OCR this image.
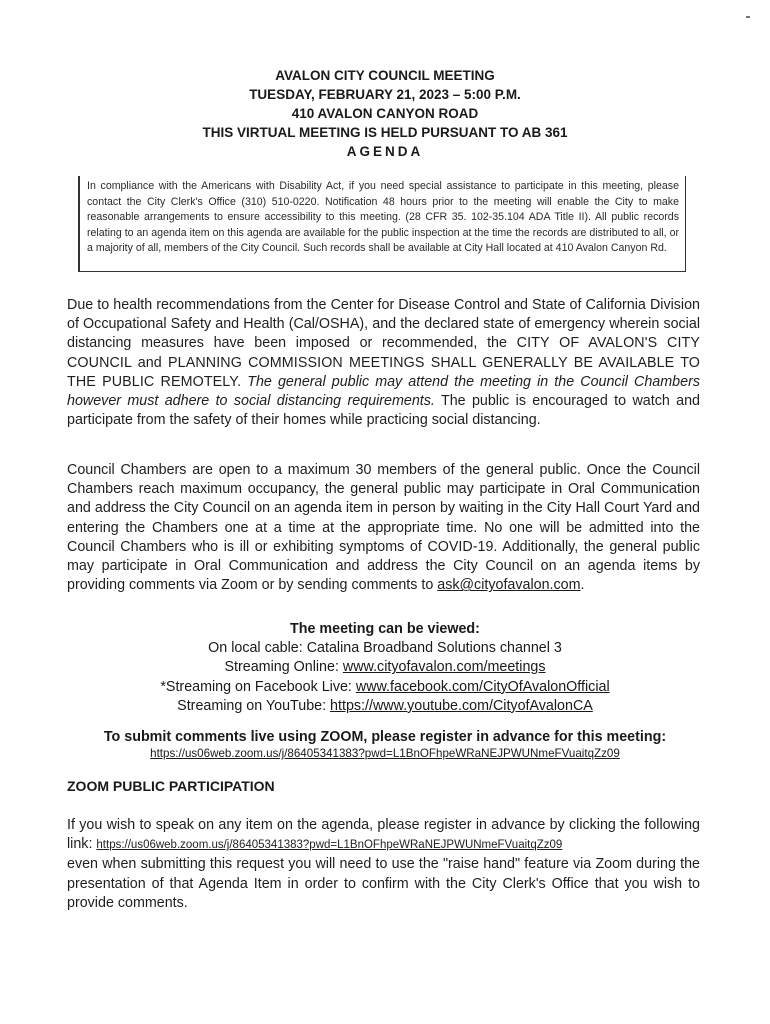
AVALON CITY COUNCIL MEETING
TUESDAY, FEBRUARY 21, 2023 – 5:00 P.M.
410 AVALON CANYON ROAD
THIS VIRTUAL MEETING IS HELD PURSUANT TO AB 361
AGENDA
In compliance with the Americans with Disability Act, if you need special assistance to participate in this meeting, please contact the City Clerk's Office (310) 510-0220. Notification 48 hours prior to the meeting will enable the City to make reasonable arrangements to ensure accessibility to this meeting. (28 CFR 35. 102-35.104 ADA Title II). All public records relating to an agenda item on this agenda are available for the public inspection at the time the records are distributed to all, or a majority of all, members of the City Council. Such records shall be available at City Hall located at 410 Avalon Canyon Rd.
Due to health recommendations from the Center for Disease Control and State of California Division of Occupational Safety and Health (Cal/OSHA), and the declared state of emergency wherein social distancing measures have been imposed or recommended, the CITY OF AVALON'S CITY COUNCIL and PLANNING COMMISSION MEETINGS SHALL GENERALLY BE AVAILABLE TO THE PUBLIC REMOTELY. The general public may attend the meeting in the Council Chambers however must adhere to social distancing requirements. The public is encouraged to watch and participate from the safety of their homes while practicing social distancing.
Council Chambers are open to a maximum 30 members of the general public. Once the Council Chambers reach maximum occupancy, the general public may participate in Oral Communication and address the City Council on an agenda item in person by waiting in the City Hall Court Yard and entering the Chambers one at a time at the appropriate time. No one will be admitted into the Council Chambers who is ill or exhibiting symptoms of COVID-19. Additionally, the general public may participate in Oral Communication and address the City Council on an agenda items by providing comments via Zoom or by sending comments to ask@cityofavalon.com.
The meeting can be viewed:
On local cable: Catalina Broadband Solutions channel 3
Streaming Online: www.cityofavalon.com/meetings
*Streaming on Facebook Live: www.facebook.com/CityOfAvalonOfficial
Streaming on YouTube: https://www.youtube.com/CityofAvalonCA
To submit comments live using ZOOM, please register in advance for this meeting:
https://us06web.zoom.us/j/86405341383?pwd=L1BnOFhpeWRaNEJPWUNmeFVuaitqZz09
ZOOM PUBLIC PARTICIPATION
If you wish to speak on any item on the agenda, please register in advance by clicking the following link: https://us06web.zoom.us/j/86405341383?pwd=L1BnOFhpeWRaNEJPWUNmeFVuaitqZz09
even when submitting this request you will need to use the "raise hand" feature via Zoom during the presentation of that Agenda Item in order to confirm with the City Clerk's Office that you wish to provide comments.
